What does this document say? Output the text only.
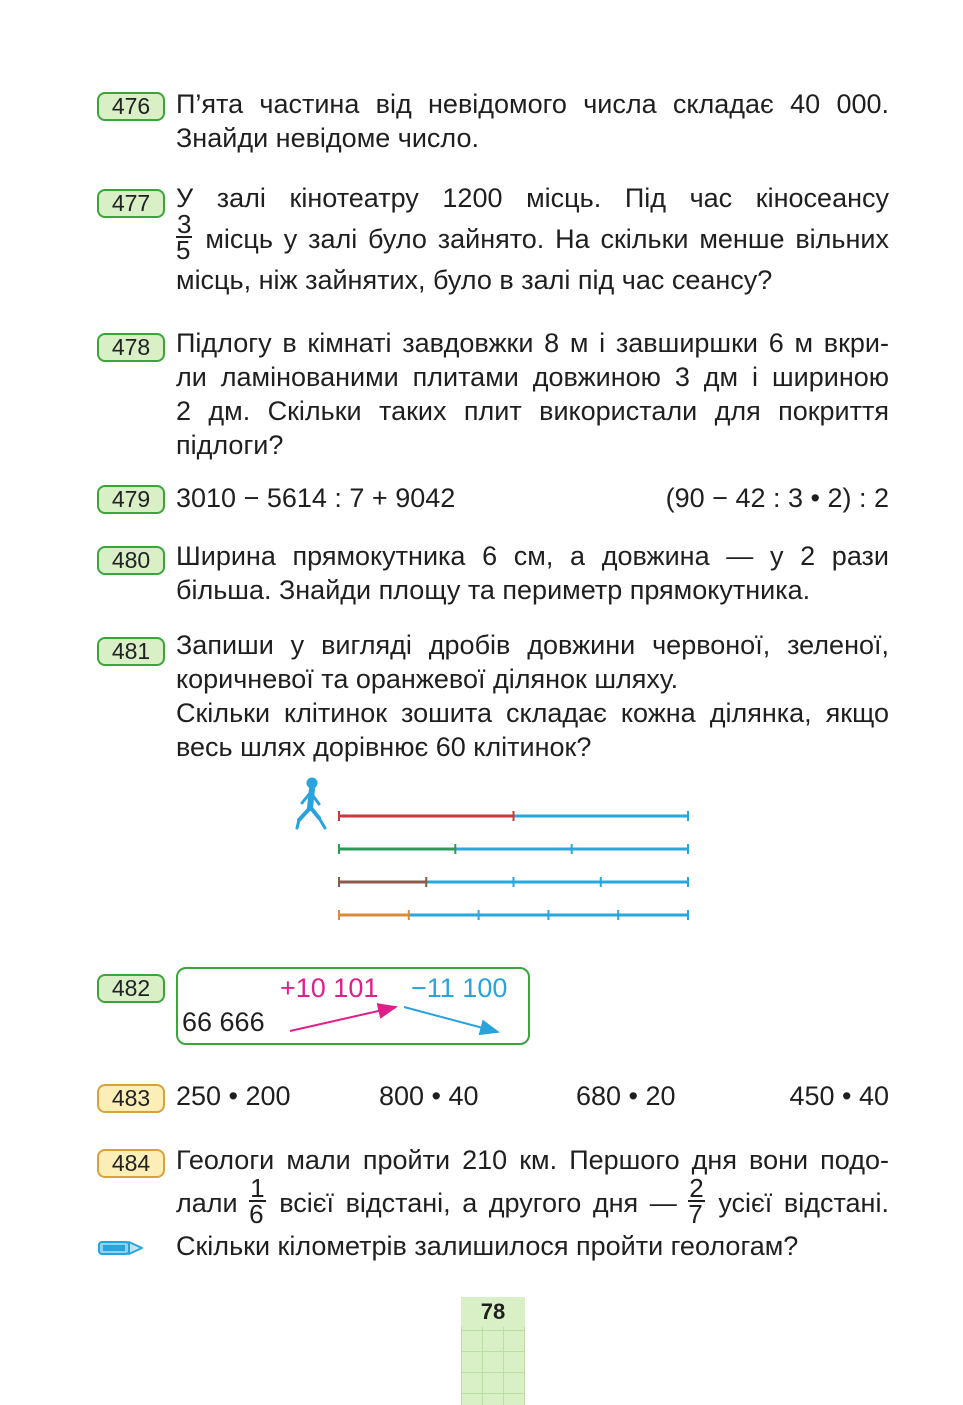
476 П’ята частина від невідомого числа складає 40 000.
Знайди невідоме число.
477 У залі кінотеатру 1200 місць. Під час кіносеансу
$\frac{3}{5}$ місць у залі було зайнято. На скільки менше вільних
місць, ніж зайнятих, було в залі під час сеансу?
478 Підлогу в кімнаті завдовжки 8 м і завширшки 6 м вкри-
ли ламінованими плитами довжиною 3 дм і шириною
2 дм. Скільки таких плит використали для покриття
підлоги?
479 3010 − 5614 : 7 + 9042	(90 − 42 : 3 • 2) : 2
480 Ширина прямокутника 6 см, а довжина — у 2 рази
більша. Знайди площу та периметр прямокутника.
481 Запиши у вигляді дробів довжини червоної, зеленої,
коричневої та оранжевої ділянок шляху.
Скільки клітинок зошита складає кожна ділянка, якщо
весь шлях дорівнює 60 клітинок?
482	+10 101 −11 100
66 666
483 250 • 200	800 • 40	680 • 20	450 • 40
484 Геологи мали пройти 210 км. Першого дня вони подо-
лали $\frac{1}{6}$ всієї відстані, а другого дня — $\frac{2}{7}$ усієї відстані.
Скільки кілометрів залишилося пройти геологам?
78
